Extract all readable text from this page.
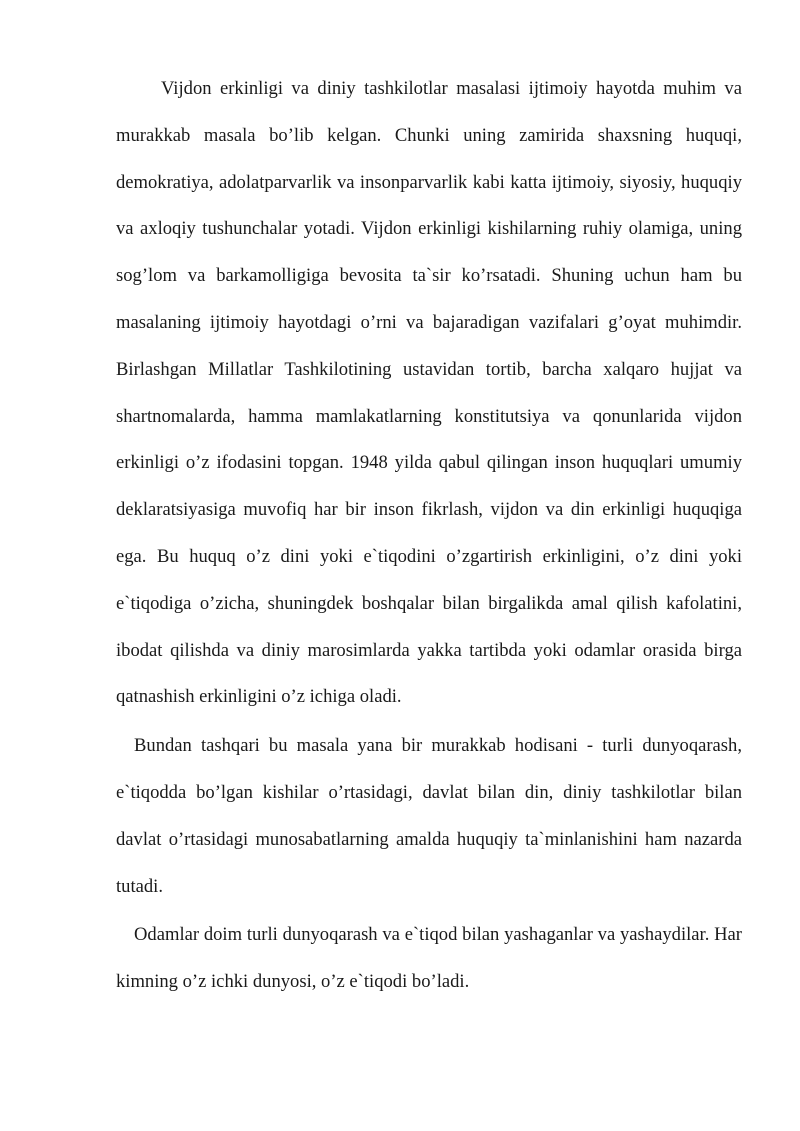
Vijdon erkinligi va diniy tashkilotlar masalasi ijtimoiy hayotda muhim va murakkab masala bo’lib kelgan. Chunki uning zamirida shaxsning huquqi, demokratiya, adolatparvarlik va insonparvarlik kabi katta ijtimoiy, siyosiy, huquqiy va axloqiy tushunchalar yotadi. Vijdon erkinligi kishilarning ruhiy olamiga, uning sog’lom va barkamolligiga bevosita ta`sir ko’rsatadi. Shuning uchun ham bu masalaning ijtimoiy hayotdagi o’rni va bajaradigan vazifalari g’oyat muhimdir. Birlashgan Millatlar Tashkilotining ustavidan tortib, barcha xalqaro hujjat va shartnomalarda, hamma mamlakatlarning konstitutsiya va qonunlarida vijdon erkinligi o’z ifodasini topgan. 1948 yilda qabul qilingan inson huquqlari umumiy deklaratsiyasiga muvofiq har bir inson fikrlash, vijdon va din erkinligi huquqiga ega. Bu huquq o’z dini yoki e`tiqodini o’zgartirish erkinligini, o’z dini yoki e`tiqodiga o’zicha, shuningdek boshqalar bilan birgalikda amal qilish kafolatini, ibodat qilishda va diniy marosimlarda yakka tartibda yoki odamlar orasida birga qatnashish erkinligini o’z ichiga oladi.

Bundan tashqari bu masala yana bir murakkab hodisani - turli dunyoqarash, e`tiqodda bo’lgan kishilar o’rtasidagi, davlat bilan din, diniy tashkilotlar bilan davlat o’rtasidagi munosabatlarning amalda huquqiy ta`minlanishini ham nazarda tutadi.

Odamlar doim turli dunyoqarash va e`tiqod bilan yashaganlar va yashaydilar. Har kimning o’z ichki dunyosi, o’z e`tiqodi bo’ladi.
